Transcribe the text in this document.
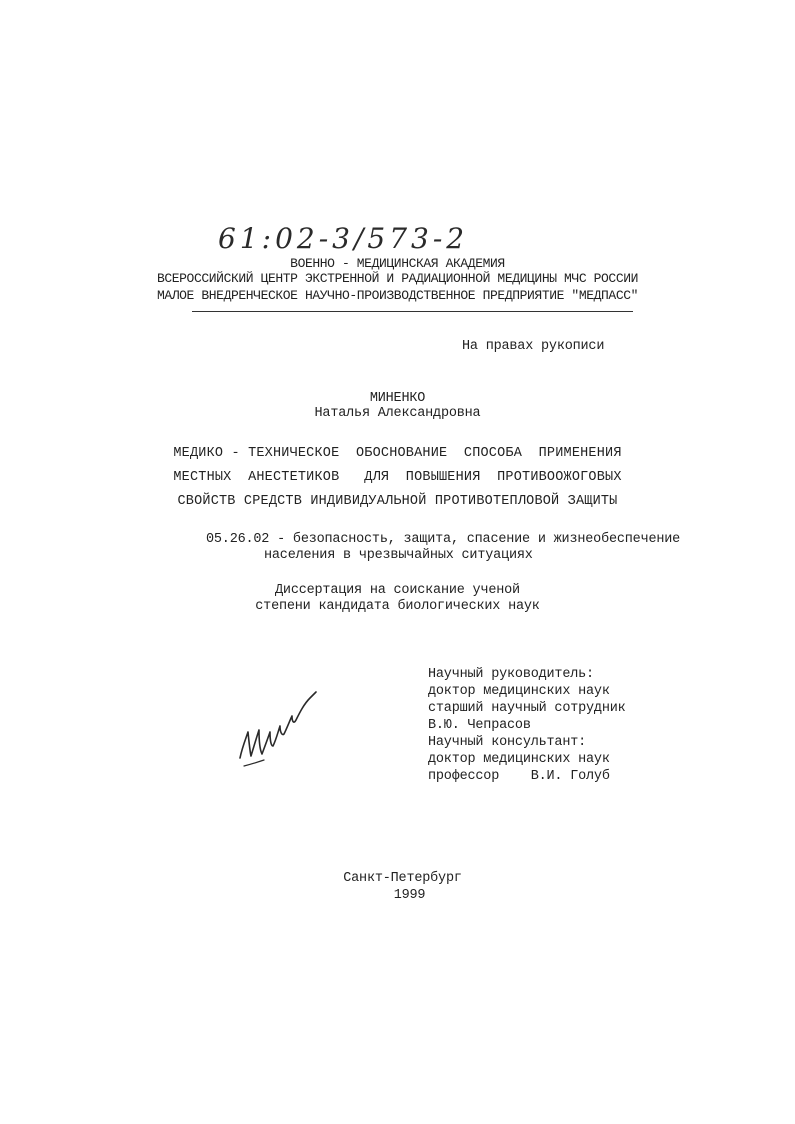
61:02-3/573-2
ВОЕННО - МЕДИЦИНСКАЯ АКАДЕМИЯ
ВСЕРОССИЙСКИЙ ЦЕНТР ЭКСТРЕННОЙ И РАДИАЦИОННОЙ МЕДИЦИНЫ МЧС РОССИИ
МАЛОЕ ВНЕДРЕНЧЕСКОЕ НАУЧНО-ПРОИЗВОДСТВЕННОЕ ПРЕДПРИЯТИЕ "МЕДПАСС"
На правах рукописи
МИНЕНКО
Наталья Александровна
МЕДИКО - ТЕХНИЧЕСКОЕ  ОБОСНОВАНИЕ  СПОСОБА  ПРИМЕНЕНИЯ
МЕСТНЫХ  АНЕСТЕТИКОВ   ДЛЯ  ПОВЫШЕНИЯ  ПРОТИВООЖОГОВЫХ
СВОЙСТВ СРЕДСТВ ИНДИВИДУАЛЬНОЙ ПРОТИВОТЕПЛОВОЙ ЗАЩИТЫ
05.26.02 - безопасность, защита, спасение и жизнеобеспечение
населения в чрезвычайных ситуациях
Диссертация на соискание ученой
степени кандидата биологических наук
Научный руководитель:
доктор медицинских наук
старший научный сотрудник
В.Ю. Чепрасов
Научный консультант:
доктор медицинских наук
профессор    В.И. Голуб
Санкт-Петербург
1999
